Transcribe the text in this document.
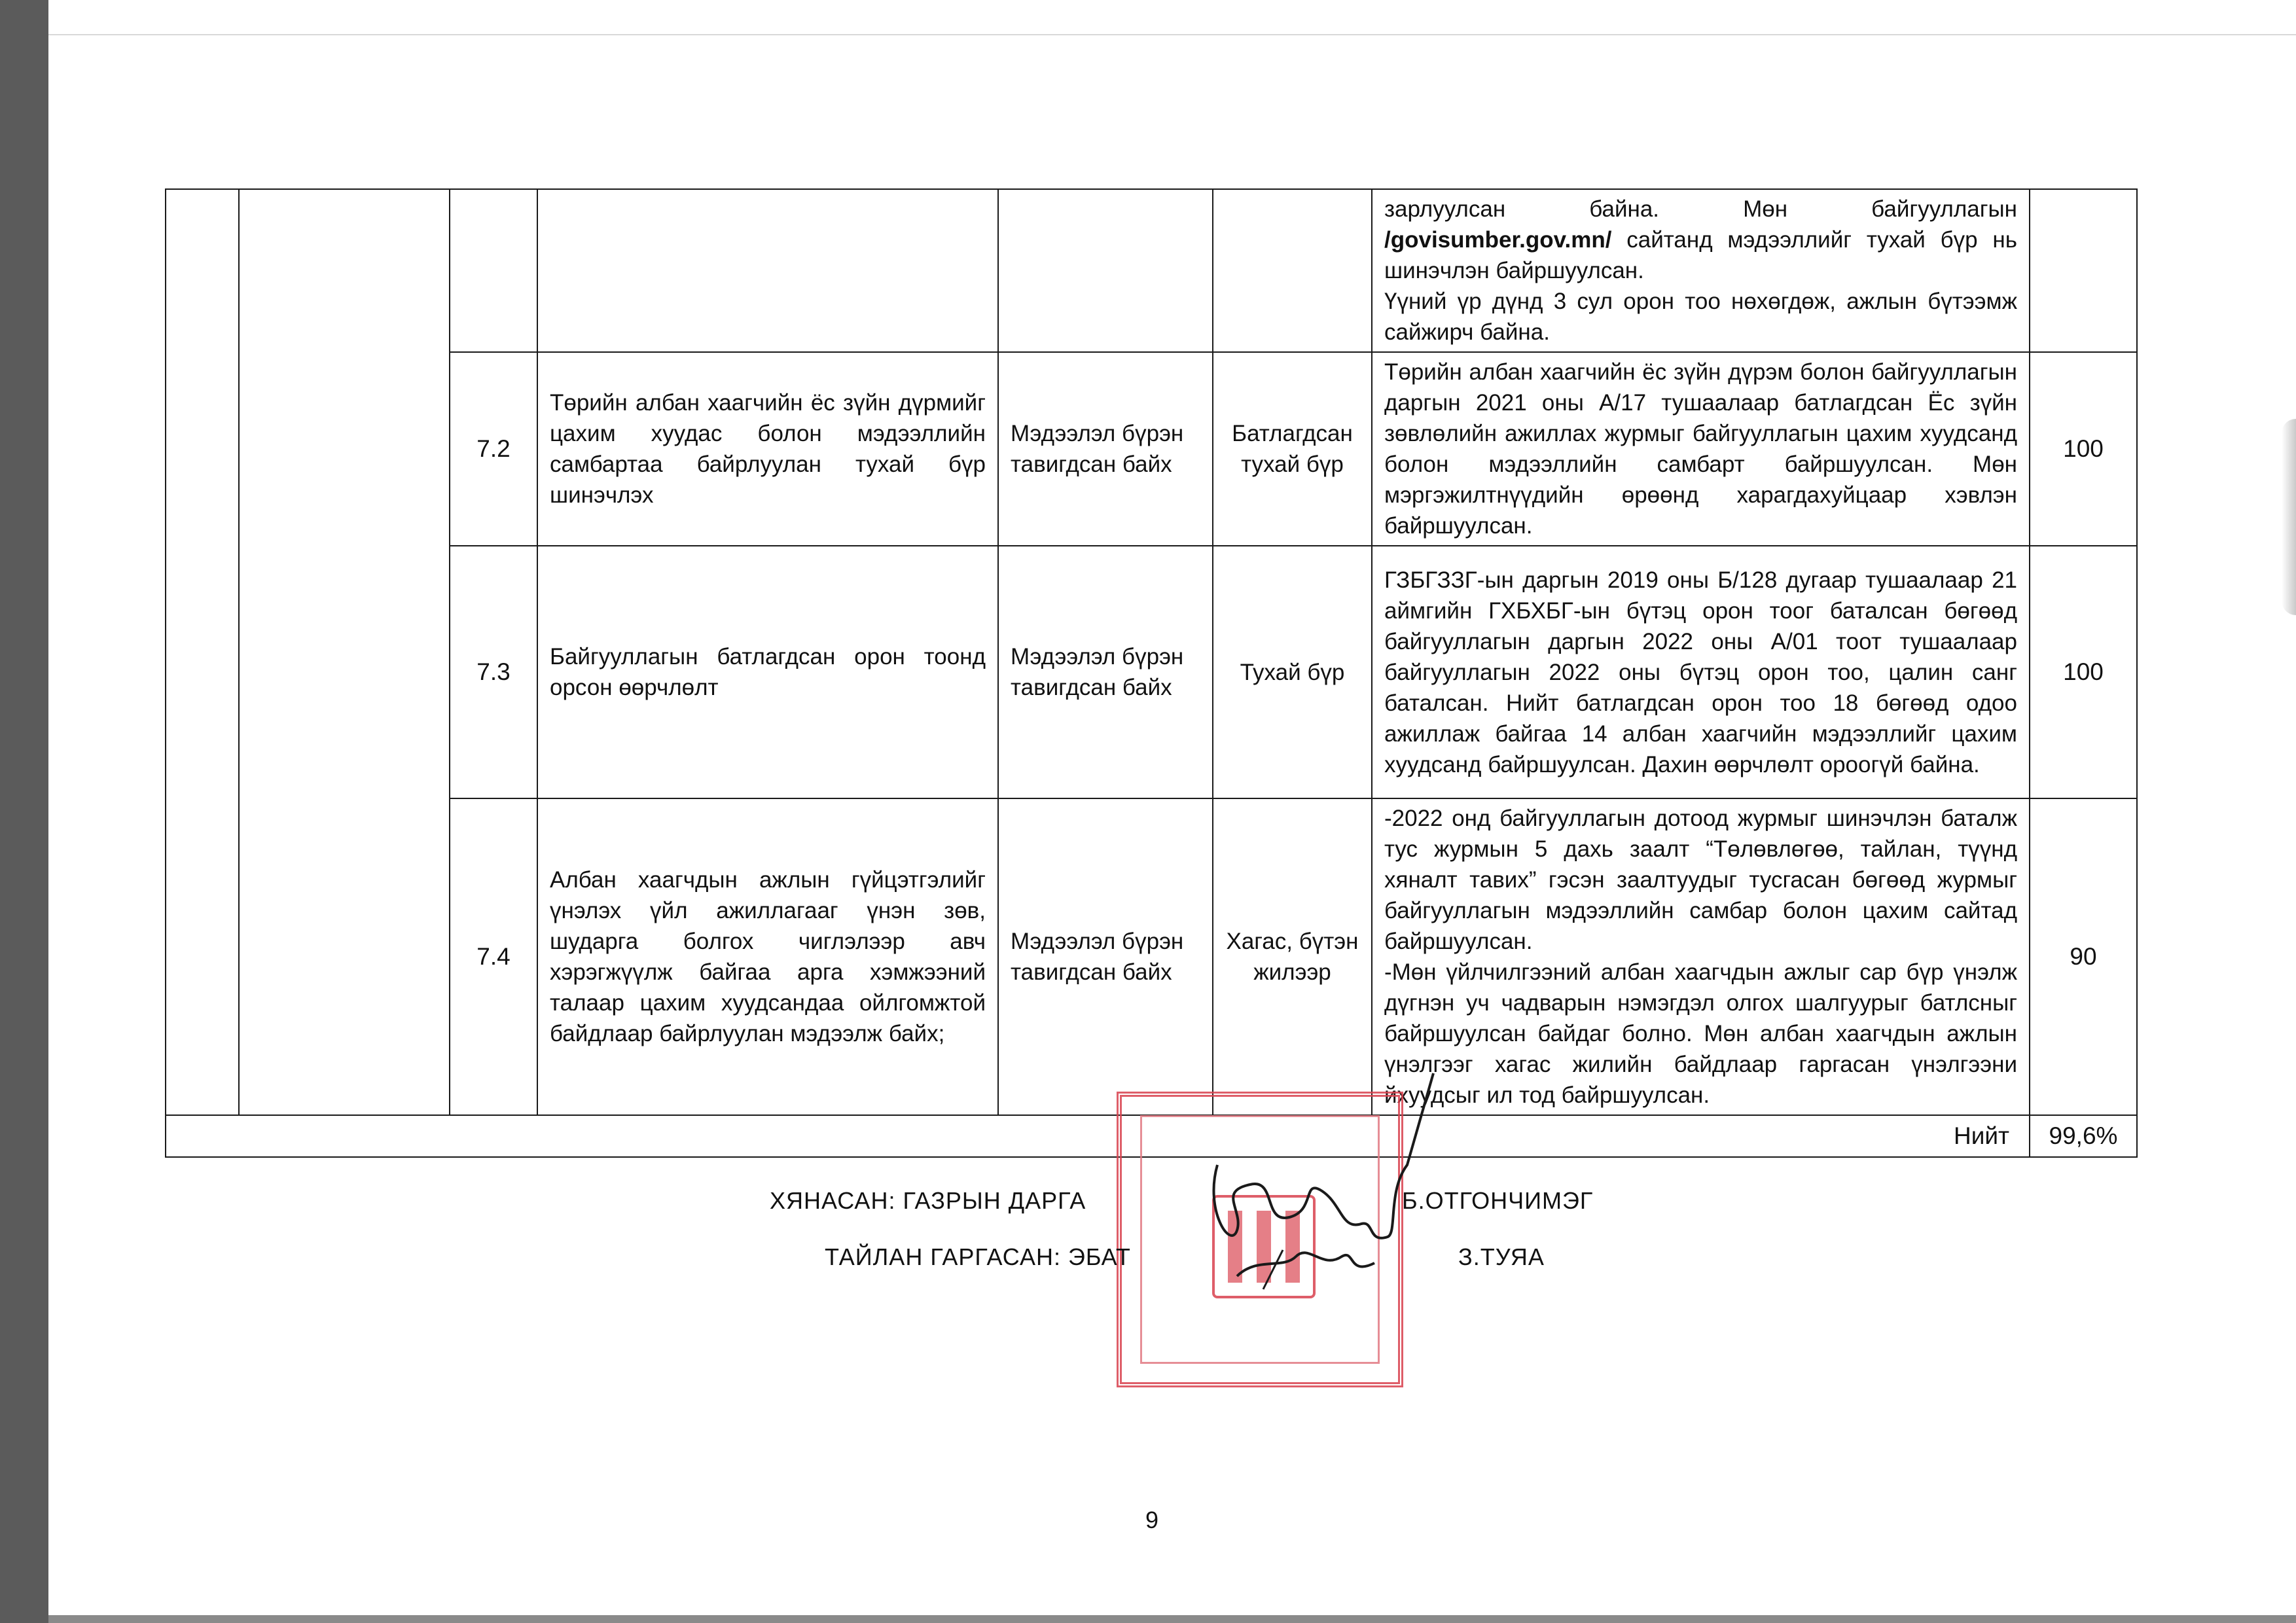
						зарлуулсан байна. Мөн байгууллагын /govisumber.gov.mn/ сайтанд мэдээллийг тухай бүр нь шинэчлэн байршуулсан.
Үүний үр дүнд 3 сул орон тоо нөхөгдөж, ажлын бүтээмж сайжирч байна.	

		7.2	Төрийн албан хаагчийн ёс зүйн дүрмийг цахим хуудас болон мэдээллийн самбартаа байрлуулан тухай бүр шинэчлэх	Мэдээлэл бүрэн тавигдсан байх	Батлагдсан тухай бүр	Төрийн албан хаагчийн ёс зүйн дүрэм болон байгууллагын даргын 2021 оны А/17 тушаалаар батлагдсан Ёс зүйн зөвлөлийн ажиллах журмыг байгууллагын цахим хуудсанд болон мэдээллийн самбарт байршуулсан. Мөн мэргэжилтнүүдийн өрөөнд харагдахуйцаар хэвлэн байршуулсан.	100
		7.3	Байгууллагын батлагдсан орон тоонд орсон өөрчлөлт	Мэдээлэл бүрэн тавигдсан байх	Тухай бүр	ГЗБГЗЗГ-ын даргын 2019 оны Б/128 дугаар тушаалаар 21 аймгийн ГХБХБГ-ын бүтэц орон тоог баталсан бөгөөд байгууллагын даргын 2022 оны А/01 тоот тушаалаар байгууллагын 2022 оны бүтэц орон тоо, цалин санг баталсан. Нийт батлагдсан орон тоо 18 бөгөөд одоо ажиллаж байгаа 14 албан хаагчийн мэдээллийг цахим хуудсанд байршуулсан. Дахин өөрчлөлт ороогүй байна.	100
		7.4	Албан хаагчдын ажлын гүйцэтгэлийг үнэлэх үйл ажиллагааг үнэн зөв, шударга болгох чиглэлээр авч хэрэгжүүлж байгаа арга хэмжээний талаар цахим хуудсандаа ойлгомжтой байдлаар байрлуулан мэдээлж байх;	Мэдээлэл бүрэн тавигдсан байх	Хагас, бүтэн жилээр	-2022 онд байгууллагын дотоод журмыг шинэчлэн баталж тус журмын 5 дахь заалт “Төлөвлөгөө, тайлан, түүнд хяналт тавих” гэсэн заалтуудыг тусгасан бөгөөд журмыг байгууллагын мэдээллийн самбар болон цахим сайтад байршуулсан.
-Мөн үйлчилгээний албан хаагчдын ажлыг сар бүр үнэлж дүгнэн уч чадварын нэмэгдэл олгох шалгуурыг батлсныг байршуулсан байдаг болно. Мөн албан хаагчдын ажлын үнэлгээг хагас жилийн байдлаар гаргасан үнэлгээни йхуудсыг ил тод байршуулсан.	90
Нийт							99,6%
ХЯНАСАН: ГАЗРЫН ДАРГА	Б.ОТГОНЧИМЭГ
ТАЙЛАН ГАРГАСАН: ЭБАТ	З.ТУЯА
9
